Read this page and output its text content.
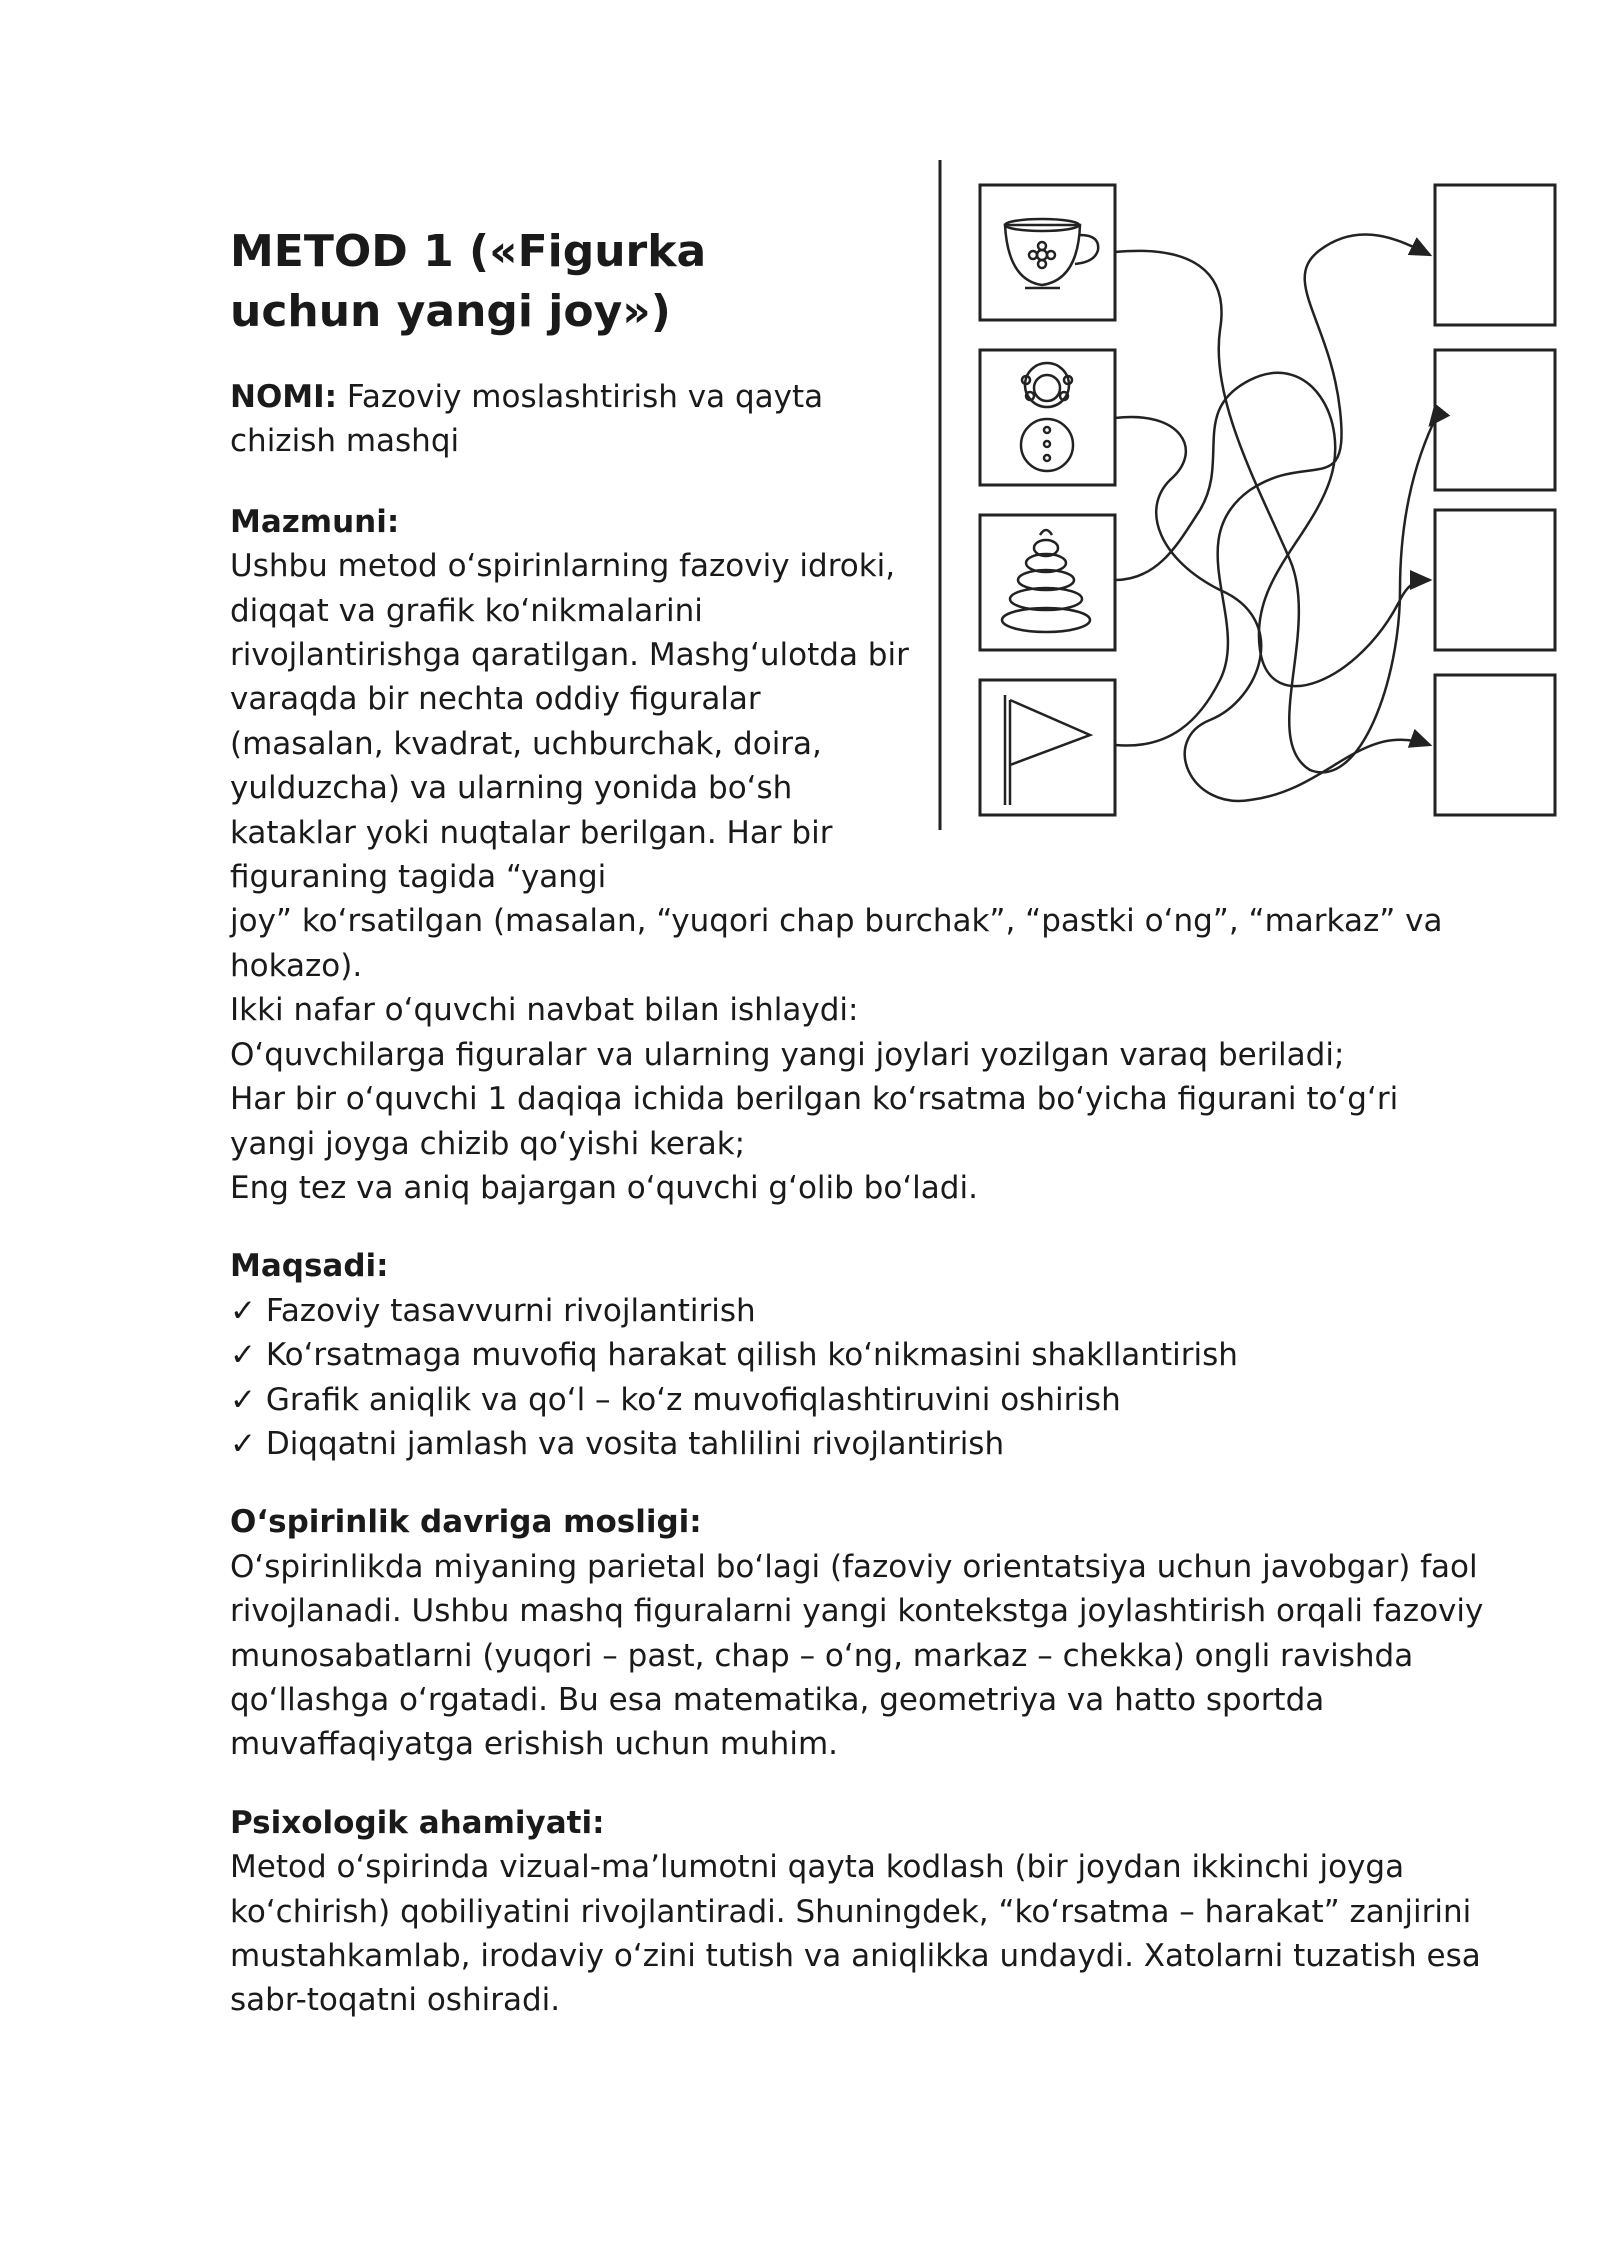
METOD 1 («Figurka uchun yangi joy»)
NOMI: Fazoviy moslashtirish va qayta chizish mashqi
Mazmuni:
Ushbu metod o‘spirinlarning fazoviy idroki, diqqat va grafik ko‘nikmalarini rivojlantirishga qaratilgan. Mashg‘ulotda bir varaqda bir nechta oddiy figuralar (masalan, kvadrat, uchburchak, doira, yulduzcha) va ularning yonida bo‘sh kataklar yoki nuqtalar berilgan. Har bir figuraning tagida “yangi
joy” ko‘rsatilgan (masalan, “yuqori chap burchak”, “pastki o‘ng”, “markaz” va hokazo).
Ikki nafar o‘quvchi navbat bilan ishlaydi:
O‘quvchilarga figuralar va ularning yangi joylari yozilgan varaq beriladi;
Har bir o‘quvchi 1 daqiqa ichida berilgan ko‘rsatma bo‘yicha figurani to‘g‘ri yangi joyga chizib qo‘yishi kerak;
Eng tez va aniq bajargan o‘quvchi g‘olib bo‘ladi.
Maqsadi:
✓ Fazoviy tasavvurni rivojlantirish
✓ Ko‘rsatmaga muvofiq harakat qilish ko‘nikmasini shakllantirish
✓ Grafik aniqlik va qo‘l – ko‘z muvofiqlashtiruvini oshirish
✓ Diqqatni jamlash va vosita tahlilini rivojlantirish
O‘spirinlik davriga mosligi:
O‘spirinlikda miyaning parietal bo‘lagi (fazoviy orientatsiya uchun javobgar) faol rivojlanadi. Ushbu mashq figuralarni yangi kontekstga joylashtirish orqali fazoviy munosabatlarni (yuqori – past, chap – o‘ng, markaz – chekka) ongli ravishda qo‘llashga o‘rgatadi. Bu esa matematika, geometriya va hatto sportda muvaffaqiyatga erishish uchun muhim.
Psixologik ahamiyati:
Metod o‘spirinda vizual-ma’lumotni qayta kodlash (bir joydan ikkinchi joyga ko‘chirish) qobiliyatini rivojlantiradi. Shuningdek, “ko‘rsatma – harakat” zanjirini mustahkamlab, irodaviy o‘zini tutish va aniqlikka undaydi. Xatolarni tuzatish esa sabr-toqatni oshiradi.
